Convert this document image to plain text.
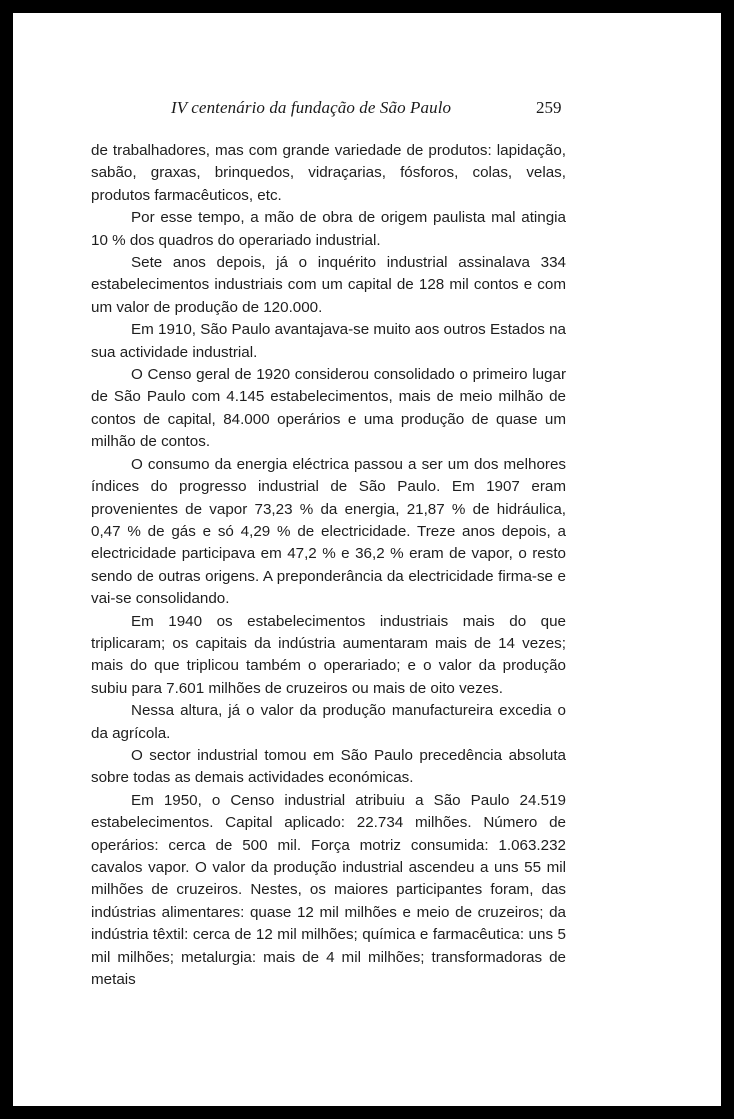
IV centenário da fundação de São Paulo	259

de trabalhadores, mas com grande variedade de produtos: lapidação, sabão, graxas, brinquedos, vidraçarias, fósforos, colas, velas, produtos farmacêuticos, etc.

Por esse tempo, a mão de obra de origem paulista mal atingia 10 % dos quadros do operariado industrial.

Sete anos depois, já o inquérito industrial assinalava 334 estabelecimentos industriais com um capital de 128 mil contos e com um valor de produção de 120.000.

Em 1910, São Paulo avantajava-se muito aos outros Estados na sua actividade industrial.

O Censo geral de 1920 considerou consolidado o primeiro lugar de São Paulo com 4.145 estabelecimentos, mais de meio milhão de contos de capital, 84.000 operários e uma produção de quase um milhão de contos.

O consumo da energia eléctrica passou a ser um dos melhores índices do progresso industrial de São Paulo. Em 1907 eram provenientes de vapor 73,23 % da energia, 21,87 % de hidráulica, 0,47 % de gás e só 4,29 % de electricidade. Treze anos depois, a electricidade participava em 47,2 % e 36,2 % eram de vapor, o resto sendo de outras origens. A preponderância da electricidade firma-se e vai-se consolidando.

Em 1940 os estabelecimentos industriais mais do que triplicaram; os capitais da indústria aumentaram mais de 14 vezes; mais do que triplicou também o operariado; e o valor da produção subiu para 7.601 milhões de cruzeiros ou mais de oito vezes.

Nessa altura, já o valor da produção manufactureira excedia o da agrícola.

O sector industrial tomou em São Paulo precedência absoluta sobre todas as demais actividades económicas.

Em 1950, o Censo industrial atribuiu a São Paulo 24.519 estabelecimentos. Capital aplicado: 22.734 milhões. Número de operários: cerca de 500 mil. Força motriz consumida: 1.063.232 cavalos vapor. O valor da produção industrial ascendeu a uns 55 mil milhões de cruzeiros. Nestes, os maiores participantes foram, das indústrias alimentares: quase 12 mil milhões e meio de cruzeiros; da indústria têxtil: cerca de 12 mil milhões; química e farmacêutica: uns 5 mil milhões; metalurgia: mais de 4 mil milhões; transformadoras de metais
